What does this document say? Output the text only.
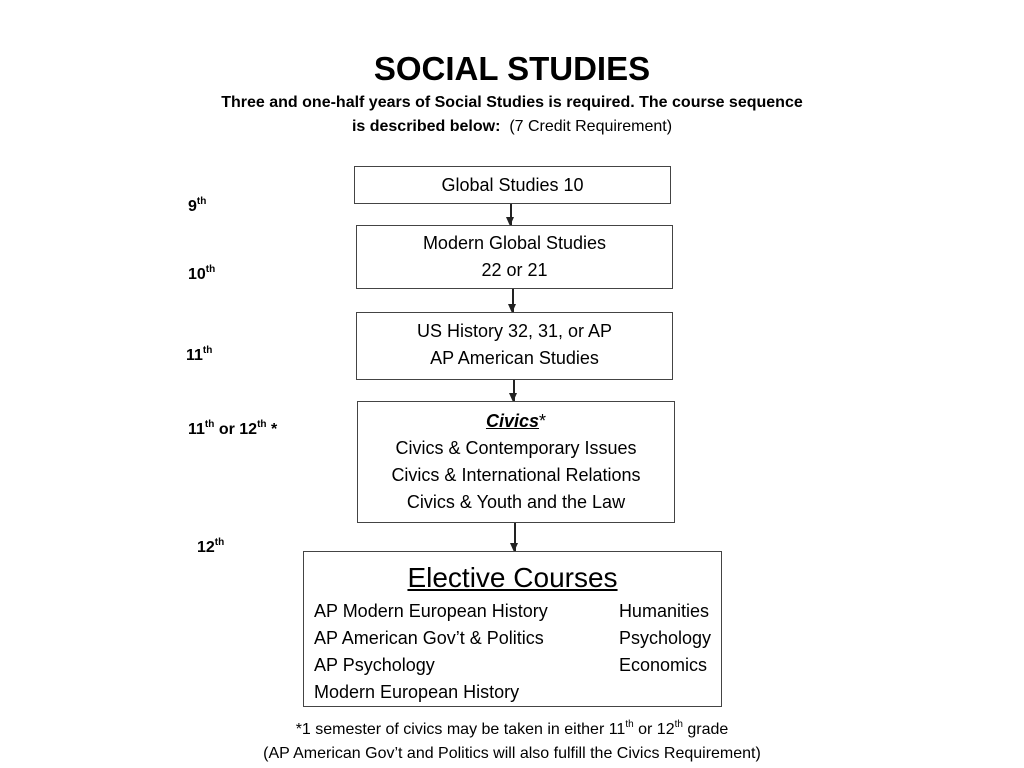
SOCIAL STUDIES
Three and one-half years of Social Studies is required. The course sequence
is described below: (7 Credit Requirement)
9th
10th
11th
11th or 12th *
12th
Global Studies 10
Modern Global Studies
22 or 21
US History 32, 31, or AP
AP American Studies
Civics*
Civics & Contemporary Issues
Civics & International Relations
Civics & Youth and the Law
Elective Courses
AP Modern European History
AP American Gov’t & Politics
AP Psychology
Modern European History
Humanities
Psychology
Economics
*1 semester of civics may be taken in either 11th or 12th grade
(AP American Gov’t and Politics will also fulfill the Civics Requirement)
